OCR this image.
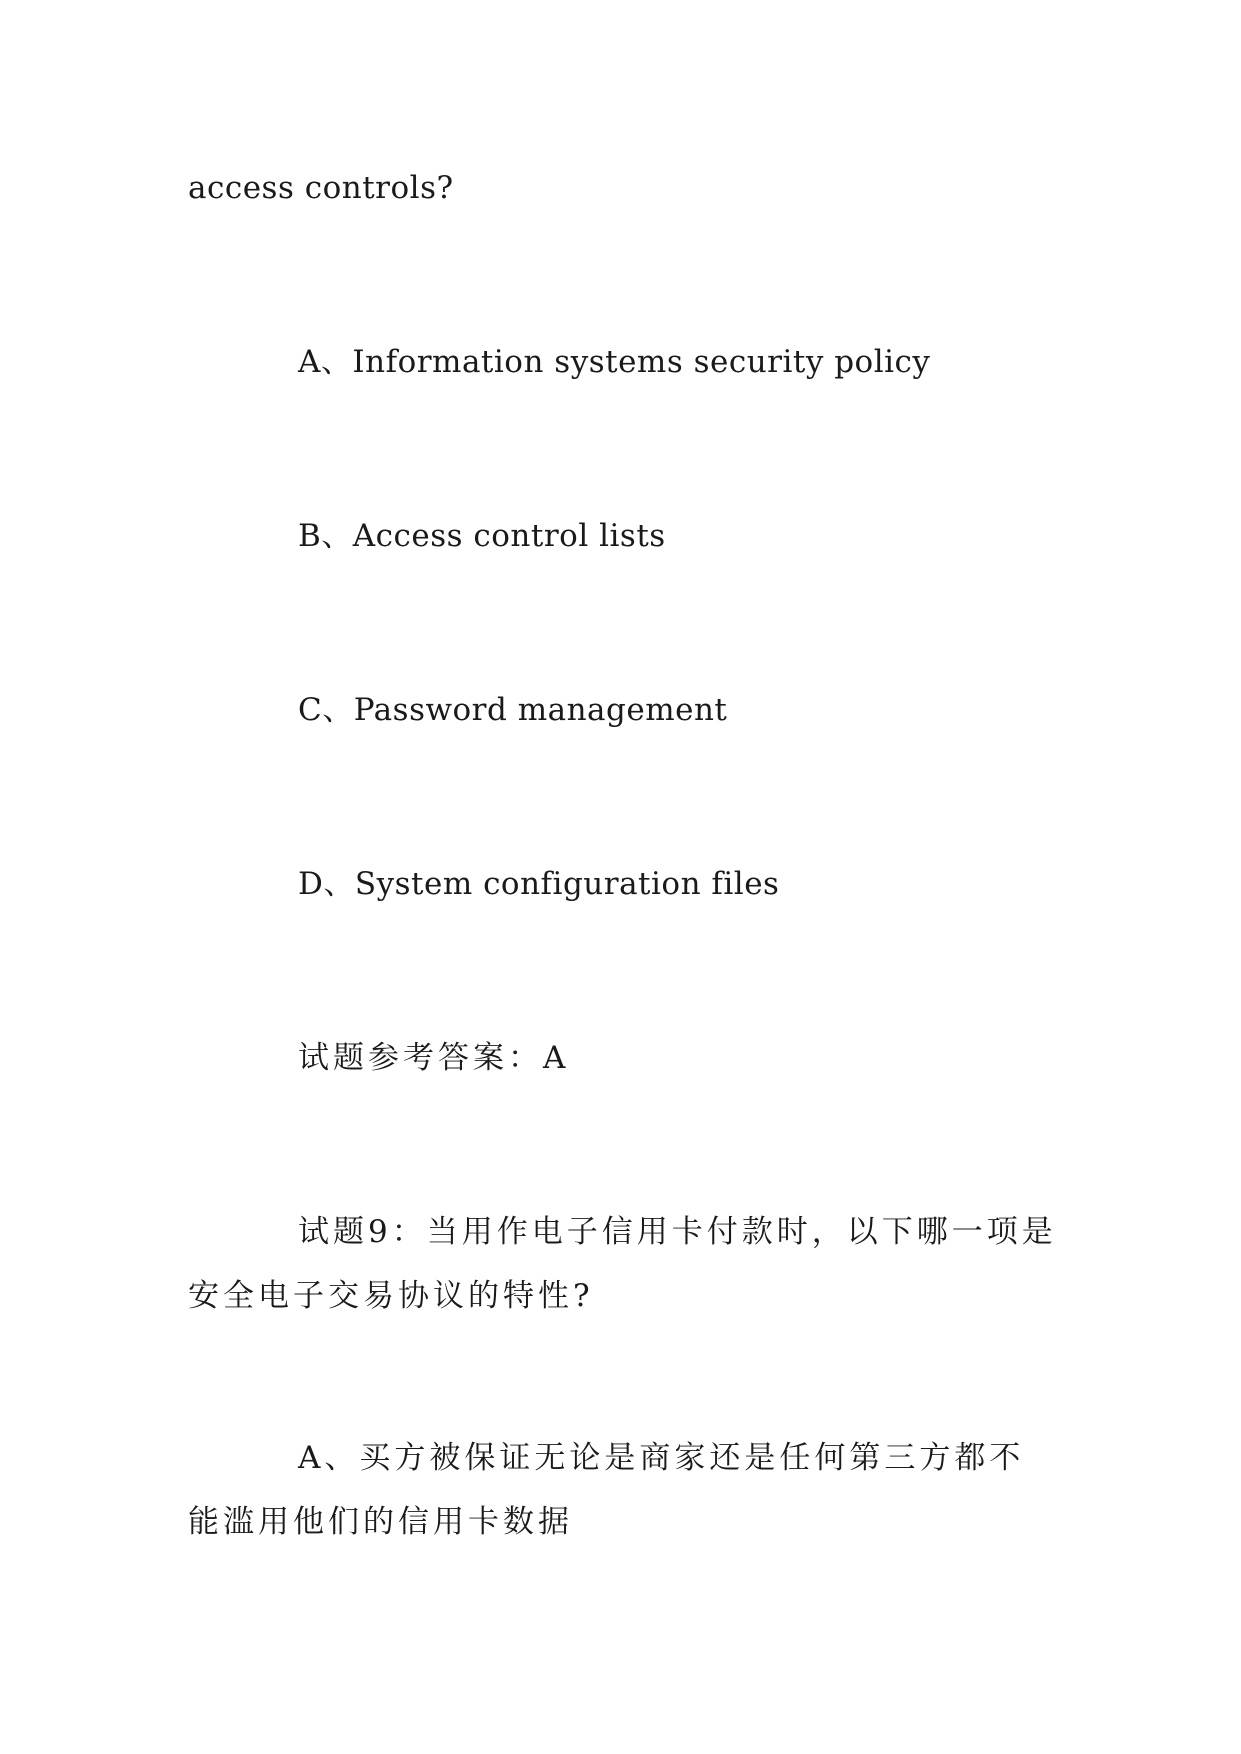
access controls?
A、Information systems security policy
B、Access control lists
C、Password management
D、System configuration files
试题参考答案：A
试题9：当用作电子信用卡付款时，以下哪一项是安全电子交易协议的特性?
A、买方被保证无论是商家还是任何第三方都不能滥用他们的信用卡数据
